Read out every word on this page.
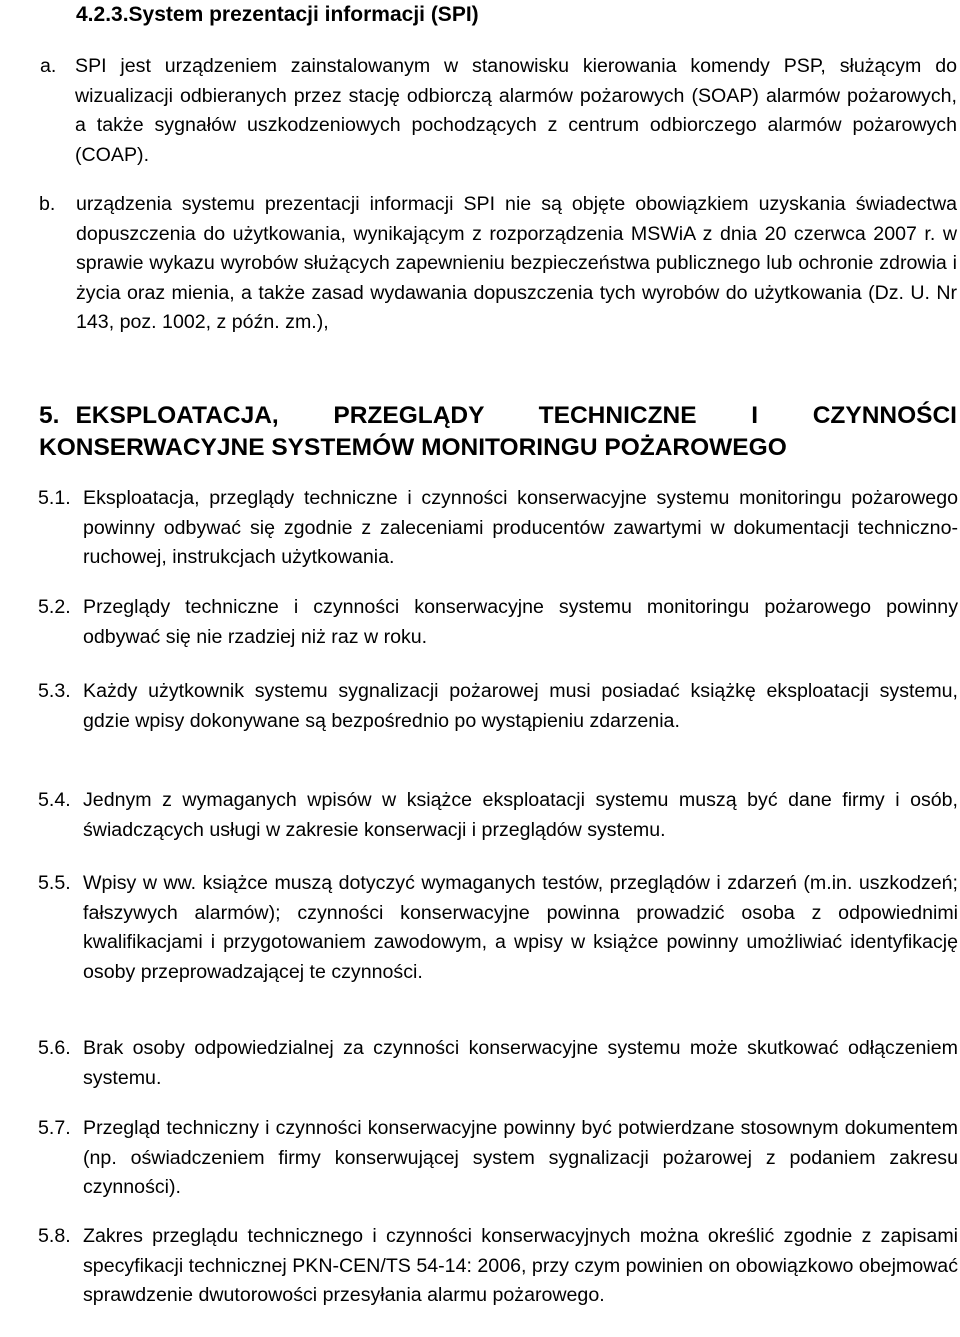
4.2.3.System prezentacji informacji (SPI)
a. SPI jest urządzeniem zainstalowanym w stanowisku kierowania komendy PSP, służącym do wizualizacji odbieranych przez stację odbiorczą alarmów pożarowych (SOAP) alarmów pożarowych, a także sygnałów uszkodzeniowych pochodzących z centrum odbiorczego alarmów pożarowych (COAP).
b. urządzenia systemu prezentacji informacji SPI nie są objęte obowiązkiem uzyskania świadectwa dopuszczenia do użytkowania, wynikającym z rozporządzenia MSWiA z dnia 20 czerwca 2007 r. w sprawie wykazu wyrobów służących zapewnieniu bezpieczeństwa publicznego lub ochronie zdrowia i życia oraz mienia, a także zasad wydawania dopuszczenia tych wyrobów do użytkowania (Dz. U. Nr 143, poz. 1002, z późn. zm.),
5. EKSPLOATACJA, PRZEGLĄDY TECHNICZNE I CZYNNOŚCI KONSERWACYJNE SYSTEMÓW MONITORINGU POŻAROWEGO
5.1. Eksploatacja, przeglądy techniczne i czynności konserwacyjne systemu monitoringu pożarowego powinny odbywać się zgodnie z zaleceniami producentów zawartymi w dokumentacji techniczno-ruchowej, instrukcjach użytkowania.
5.2. Przeglądy techniczne i czynności konserwacyjne systemu monitoringu pożarowego powinny odbywać się nie rzadziej niż raz w roku.
5.3. Każdy użytkownik systemu sygnalizacji pożarowej musi posiadać książkę eksploatacji systemu, gdzie wpisy dokonywane są bezpośrednio po wystąpieniu zdarzenia.
5.4. Jednym z wymaganych wpisów w książce eksploatacji systemu muszą być dane firmy i osób, świadczących usługi w zakresie konserwacji i przeglądów systemu.
5.5. Wpisy w ww. książce muszą dotyczyć wymaganych testów, przeglądów i zdarzeń (m.in. uszkodzeń; fałszywych alarmów); czynności konserwacyjne powinna prowadzić osoba z odpowiednimi kwalifikacjami i przygotowaniem zawodowym, a wpisy w książce powinny umożliwiać identyfikację osoby przeprowadzającej te czynności.
5.6. Brak osoby odpowiedzialnej za czynności konserwacyjne systemu może skutkować odłączeniem systemu.
5.7. Przegląd techniczny i czynności konserwacyjne powinny być potwierdzane stosownym dokumentem (np. oświadczeniem firmy konserwującej system sygnalizacji pożarowej z podaniem zakresu czynności).
5.8. Zakres przeglądu technicznego i czynności konserwacyjnych można określić zgodnie z zapisami specyfikacji technicznej PKN-CEN/TS 54-14: 2006, przy czym powinien on obowiązkowo obejmować sprawdzenie dwutorowości przesyłania alarmu pożarowego.
